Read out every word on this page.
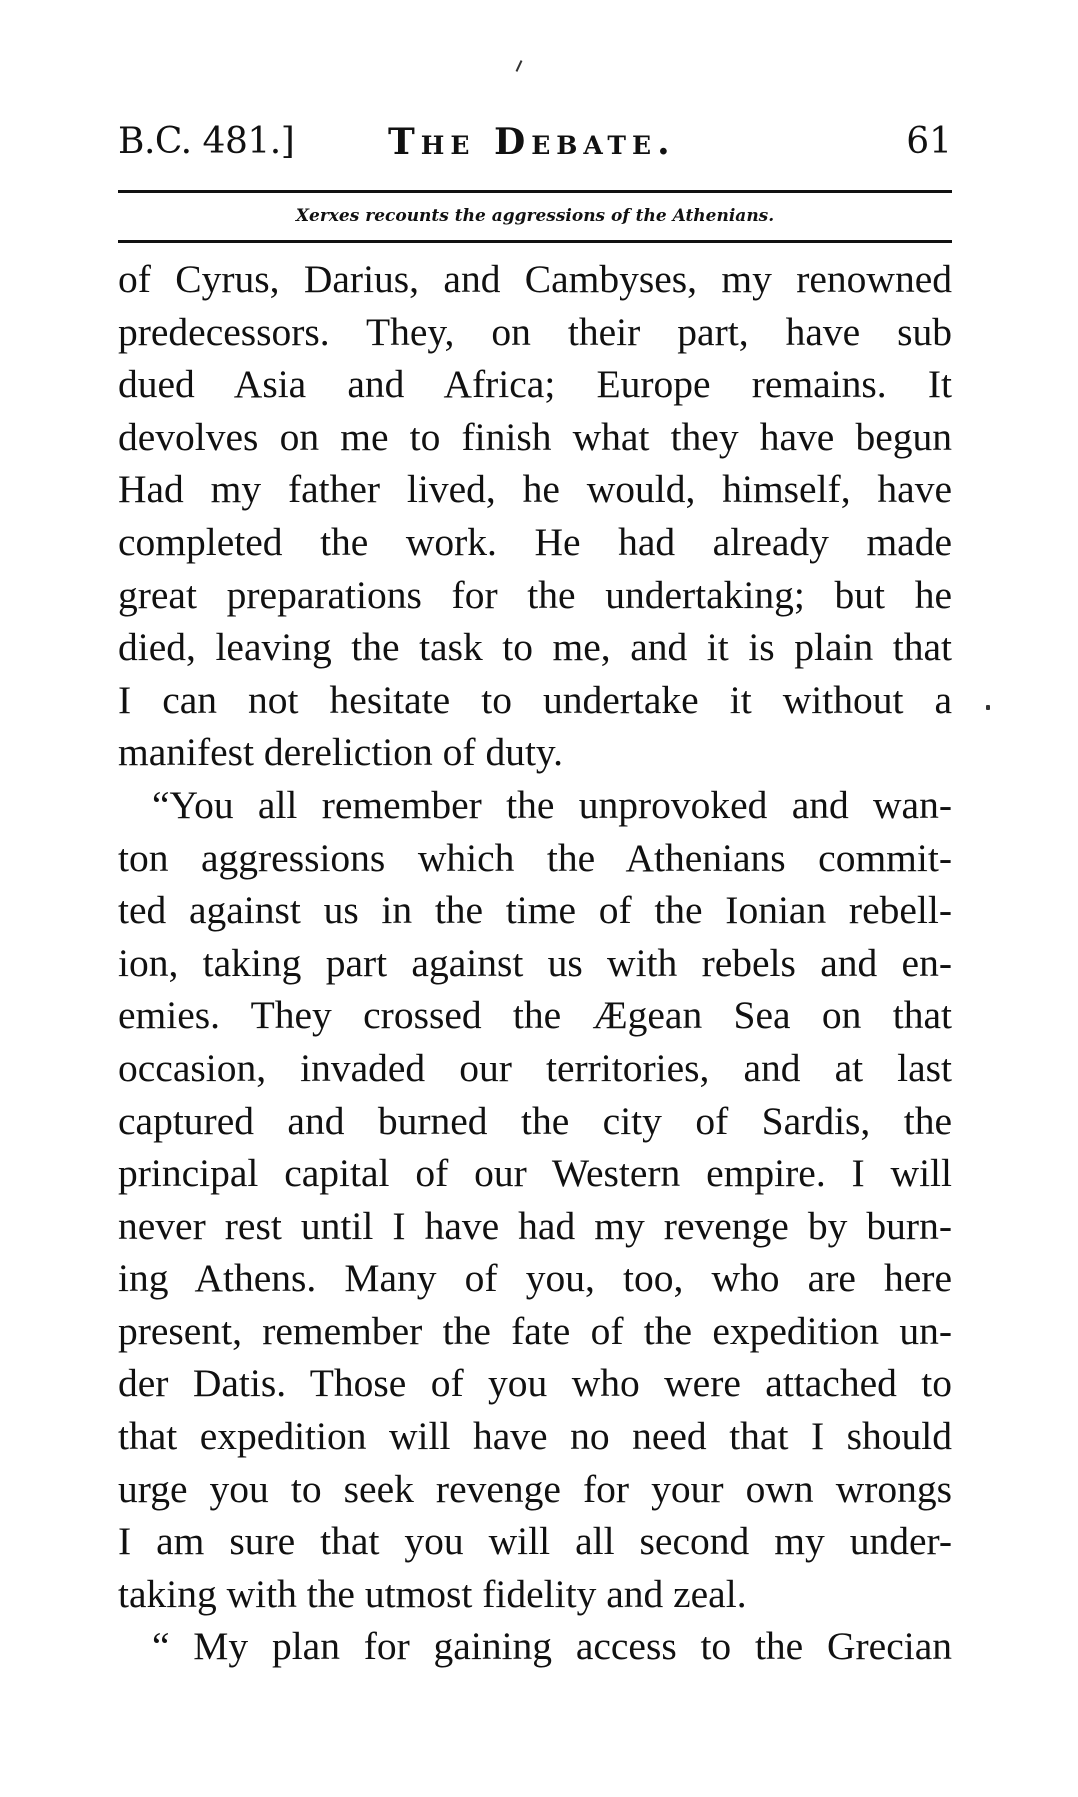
B.C. 481.]	The Debate.	61
Xerxes recounts the aggressions of the Athenians.
of Cyrus, Darius, and Cambyses, my renowned
predecessors. They, on their part, have sub
dued Asia and Africa; Europe remains. It
devolves on me to finish what they have begun
Had my father lived, he would, himself, have
completed the work. He had already made
great preparations for the undertaking; but he
died, leaving the task to me, and it is plain that
I can not hesitate to undertake it without a
manifest dereliction of duty.
“You all remember the unprovoked and wan-
ton aggressions which the Athenians commit-
ted against us in the time of the Ionian rebell-
ion, taking part against us with rebels and en-
emies. They crossed the Ægean Sea on that
occasion, invaded our territories, and at last
captured and burned the city of Sardis, the
principal capital of our Western empire. I will
never rest until I have had my revenge by burn-
ing Athens. Many of you, too, who are here
present, remember the fate of the expedition un-
der Datis. Those of you who were attached to
that expedition will have no need that I should
urge you to seek revenge for your own wrongs
I am sure that you will all second my under-
taking with the utmost fidelity and zeal.
“ My plan for gaining access to the Grecian
